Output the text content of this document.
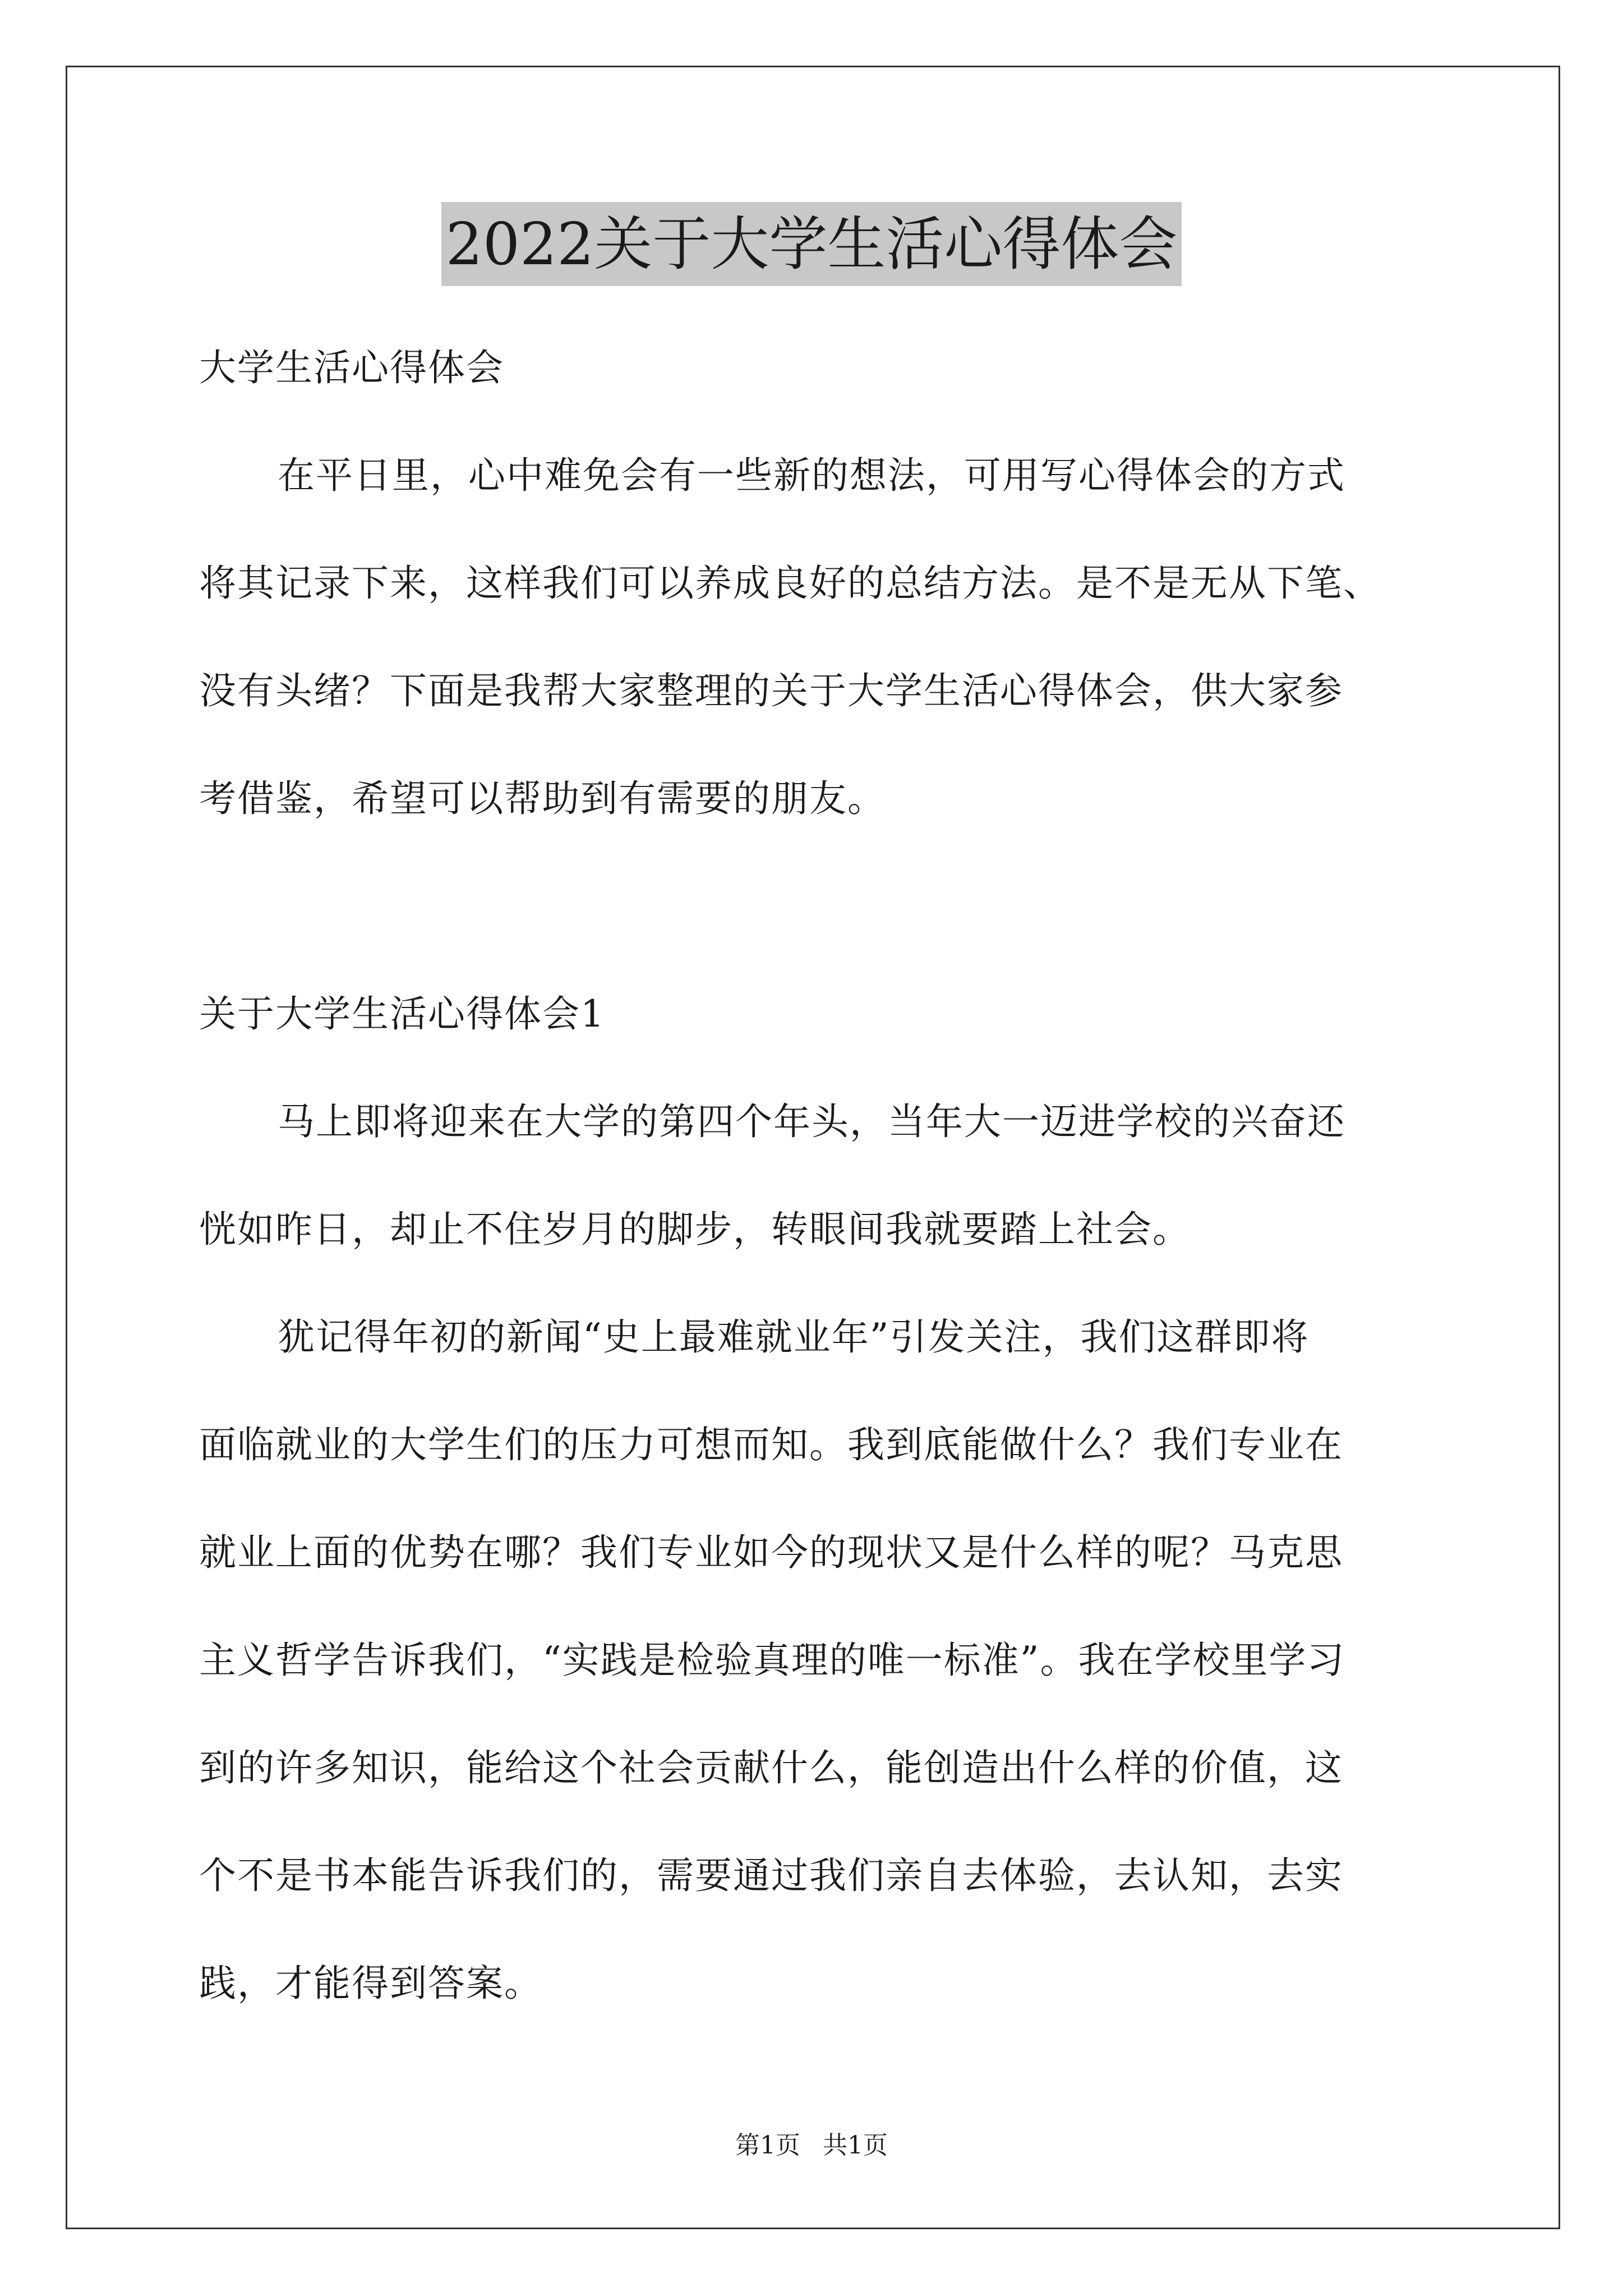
2022关于大学生活心得体会
大学生活心得体会
在平日里，心中难免会有一些新的想法，可用写心得体会的方式
将其记录下来，这样我们可以养成良好的总结方法。是不是无从下笔、
没有头绪？下面是我帮大家整理的关于大学生活心得体会，供大家参
考借鉴，希望可以帮助到有需要的朋友。
关于大学生活心得体会1
马上即将迎来在大学的第四个年头，当年大一迈进学校的兴奋还
恍如昨日，却止不住岁月的脚步，转眼间我就要踏上社会。
犹记得年初的新闻“史上最难就业年”引发关注，我们这群即将
面临就业的大学生们的压力可想而知。我到底能做什么？我们专业在
就业上面的优势在哪？我们专业如今的现状又是什么样的呢？马克思
主义哲学告诉我们，“实践是检验真理的唯一标准”。我在学校里学习
到的许多知识，能给这个社会贡献什么，能创造出什么样的价值，这
个不是书本能告诉我们的，需要通过我们亲自去体验，去认知，去实
践，才能得到答案。
第1页 共1页
